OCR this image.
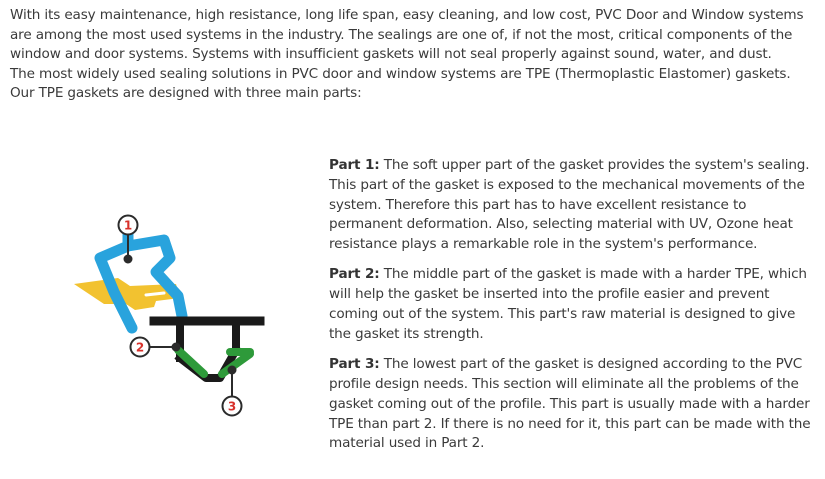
With its easy maintenance, high resistance, long life span, easy cleaning, and low cost, PVC Door and Window systems are among the most used systems in the industry. The sealings are one of, if not the most, critical components of the window and door systems. Systems with insufficient gaskets will not seal properly against sound, water, and dust.

The most widely used sealing solutions in PVC door and window systems are TPE (Thermoplastic Elastomer) gaskets.

Our TPE gaskets are designed with three main parts:

1
2
3

Part 1: The soft upper part of the gasket provides the system's sealing. This part of the gasket is exposed to the mechanical movements of the system. Therefore this part has to have excellent resistance to permanent deformation. Also, selecting material with UV, Ozone heat resistance plays a remarkable role in the system's performance.

Part 2: The middle part of the gasket is made with a harder TPE, which will help the gasket be inserted into the profile easier and prevent coming out of the system. This part's raw material is designed to give the gasket its strength.

Part 3: The lowest part of the gasket is designed according to the PVC profile design needs. This section will eliminate all the problems of the gasket coming out of the profile. This part is usually made with a harder TPE than part 2. If there is no need for it, this part can be made with the material used in Part 2.
